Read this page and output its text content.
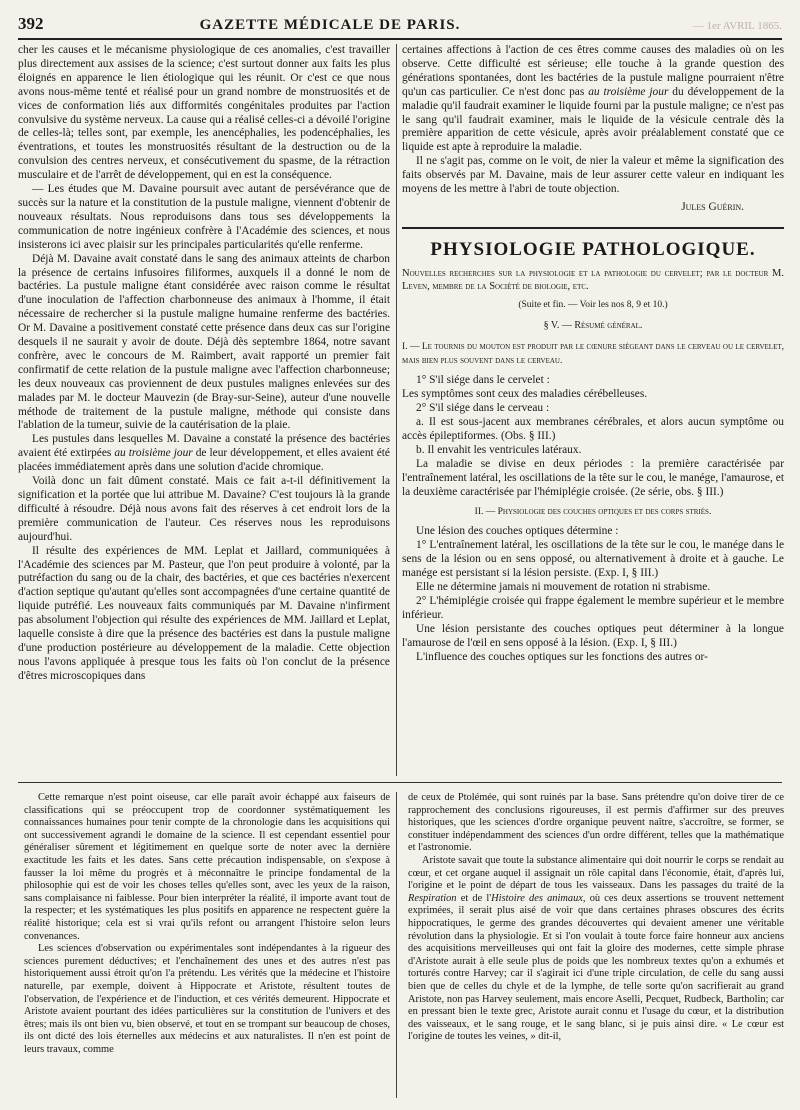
392	GAZETTE MÉDICALE DE PARIS.	— 1er AVRIL 1865.

cher les causes et le mécanisme physiologique de ces anomalies, c'est travailler plus directement aux assises de la science; c'est surtout donner aux faits les plus éloignés en apparence le lien étiologique qui les réunit. Or c'est ce que nous avons nous-même tenté et réalisé pour un grand nombre de monstruosités et de vices de conformation liés aux difformités congénitales produites par l'action convulsive du système nerveux. La cause qui a réalisé celles-ci a dévoilé l'origine de celles-là; telles sont, par exemple, les anencéphalies, les podencéphalies, les éventrations, et toutes les monstruosités résultant de la destruction ou de la convulsion des centres nerveux, et consécutivement du spasme, de la rétraction musculaire et de l'arrêt de développement, qui en est la conséquence.

— Les études que M. Davaine poursuit avec autant de persévérance que de succès sur la nature et la constitution de la pustule maligne, viennent d'obtenir de nouveaux résultats. Nous reproduisons dans tous ses développements la communication de notre ingénieux confrère à l'Académie des sciences, et nous insisterons ici avec plaisir sur les principales particularités qu'elle renferme.

Déjà M. Davaine avait constaté dans le sang des animaux atteints de charbon la présence de certains infusoires filiformes, auxquels il a donné le nom de bactéries. La pustule maligne étant considérée avec raison comme le résultat d'une inoculation de l'affection charbonneuse des animaux à l'homme, il était nécessaire de rechercher si la pustule maligne humaine renferme des bactéries. Or M. Davaine a positivement constaté cette présence dans deux cas sur l'origine desquels il ne saurait y avoir de doute. Déjà dès septembre 1864, notre savant confrère, avec le concours de M. Raimbert, avait rapporté un premier fait confirmatif de cette relation de la pustule maligne avec l'affection charbonneuse; les deux nouveaux cas proviennent de deux pustules malignes enlevées sur des malades par M. le docteur Mauvezin (de Bray-sur-Seine), auteur d'une nouvelle méthode de traitement de la pustule maligne, méthode qui consiste dans l'ablation de la tumeur, suivie de la cautérisation de la plaie.

Les pustules dans lesquelles M. Davaine a constaté la présence des bactéries avaient été extirpées au troisième jour de leur développement, et elles avaient été placées immédiatement après dans une solution d'acide chromique.

Voilà donc un fait dûment constaté. Mais ce fait a-t-il définitivement la signification et la portée que lui attribue M. Davaine? C'est toujours là la grande difficulté à résoudre. Déjà nous avons fait des réserves à cet endroit lors de la première communication de l'auteur. Ces réserves nous les reproduisons aujourd'hui.

Il résulte des expériences de MM. Leplat et Jaillard, communiquées à l'Académie des sciences par M. Pasteur, que l'on peut produire à volonté, par la putréfaction du sang ou de la chair, des bactéries, et que ces bactéries n'exercent d'action septique qu'autant qu'elles sont accompagnées d'une certaine quantité de liquide putréfié. Les nouveaux faits communiqués par M. Davaine n'infirment pas absolument l'objection qui résulte des expériences de MM. Jaillard et Leplat, laquelle consiste à dire que la présence des bactéries est dans la pustule maligne d'une production postérieure au développement de la maladie. Cette objection nous l'avons appliquée à presque tous les faits où l'on conclut de la présence d'êtres microscopiques dans

certaines affections à l'action de ces êtres comme causes des maladies où on les observe. Cette difficulté est sérieuse; elle touche à la grande question des générations spontanées, dont les bactéries de la pustule maligne pourraient n'être qu'un cas particulier. Ce n'est donc pas au troisième jour du développement de la maladie qu'il faudrait examiner le liquide fourni par la pustule maligne; ce n'est pas le sang qu'il faudrait examiner, mais le liquide de la vésicule centrale dès la première apparition de cette vésicule, après avoir préalablement constaté que ce liquide est apte à reproduire la maladie.

Il ne s'agit pas, comme on le voit, de nier la valeur et même la signification des faits observés par M. Davaine, mais de leur assurer cette valeur en indiquant les moyens de les mettre à l'abri de toute objection.

Jules Guérin.
PHYSIOLOGIE PATHOLOGIQUE.

Nouvelles recherches sur la physiologie et la pathologie du cervelet; par le docteur M. Leven, membre de la Société de biologie, etc.

(Suite et fin. — Voir les nos 8, 9 et 10.)
§ V. — Résumé général.

I. — Le tournis du mouton est produit par le cœnure siégeant dans le cerveau ou le cervelet, mais bien plus souvent dans le cerveau.

1° S'il siége dans le cervelet :

Les symptômes sont ceux des maladies cérébelleuses.

2° S'il siége dans le cerveau :

a. Il est sous-jacent aux membranes cérébrales, et alors aucun symptôme ou accès épileptiformes. (Obs. § III.)

b. Il envahit les ventricules latéraux.

La maladie se divise en deux périodes : la première caractérisée par l'entraînement latéral, les oscillations de la tête sur le cou, le manége, l'amaurose, et la deuxième caractérisée par l'hémiplégie croisée. (2e série, obs. § III.)

II. — Physiologie des couches optiques et des corps striés.

Une lésion des couches optiques détermine :

1° L'entraînement latéral, les oscillations de la tête sur le cou, le manége dans le sens de la lésion ou en sens opposé, ou alternativement à droite et à gauche. Le manége est persistant si la lésion persiste. (Exp. I, § III.)

Elle ne détermine jamais ni mouvement de rotation ni strabisme.

2° L'hémiplégie croisée qui frappe également le membre supérieur et le membre inférieur.

Une lésion persistante des couches optiques peut déterminer à la longue l'amaurose de l'œil en sens opposé à la lésion. (Exp. I, § III.)

L'influence des couches optiques sur les fonctions des autres or-

Cette remarque n'est point oiseuse, car elle paraît avoir échappé aux faiseurs de classifications qui se préoccupent trop de coordonner systématiquement les connaissances humaines pour tenir compte de la chronologie dans les acquisitions qui ont successivement agrandi le domaine de la science. Il est cependant essentiel pour généraliser sûrement et légitimement en quelque sorte de noter avec la dernière exactitude les faits et les dates. Sans cette précaution indispensable, on s'expose à fausser la loi même du progrès et à méconnaître le principe fondamental de la philosophie qui est de voir les choses telles qu'elles sont, avec les yeux de la raison, sans complaisance ni faiblesse. Pour bien interpréter la réalité, il importe avant tout de la respecter; et les systématiques les plus positifs en apparence ne respectent guère la réalité historique; cela est si vrai qu'ils refont ou arrangent l'histoire selon leurs convenances.

Les sciences d'observation ou expérimentales sont indépendantes à la rigueur des sciences purement déductives; et l'enchaînement des unes et des autres n'est pas historiquement aussi étroit qu'on l'a prétendu. Les vérités que la médecine et l'histoire naturelle, par exemple, doivent à Hippocrate et Aristote, résultent toutes de l'observation, de l'expérience et de l'induction, et ces vérités demeurent. Hippocrate et Aristote avaient pourtant des idées particulières sur la constitution de l'univers et des êtres; mais ils ont bien vu, bien observé, et tout en se trompant sur beaucoup de choses, ils ont dicté des lois éternelles aux médecins et aux naturalistes. Il n'en est point de leurs travaux, comme

de ceux de Ptolémée, qui sont ruinés par la base. Sans prétendre qu'on doive tirer de ce rapprochement des conclusions rigoureuses, il est permis d'affirmer sur des preuves historiques, que les sciences d'ordre organique peuvent naître, s'accroître, se former, se constituer indépendamment des sciences d'un ordre différent, telles que la mathématique et l'astronomie.

Aristote savait que toute la substance alimentaire qui doit nourrir le corps se rendait au cœur, et cet organe auquel il assignait un rôle capital dans l'économie, était, d'après lui, l'origine et le point de départ de tous les vaisseaux. Dans les passages du traité de la Respiration et de l'Histoire des animaux, où ces deux assertions se trouvent nettement exprimées, il serait plus aisé de voir que dans certaines phrases obscures des écrits hippocratiques, le germe des grandes découvertes qui devaient amener une véritable révolution dans la physiologie. Et si l'on voulait à toute force faire honneur aux anciens des acquisitions merveilleuses qui ont fait la gloire des modernes, cette simple phrase d'Aristote aurait à elle seule plus de poids que les nombreux textes qu'on a exhumés et torturés contre Harvey; car il s'agirait ici d'une triple circulation, de celle du sang aussi bien que de celles du chyle et de la lymphe, de telle sorte qu'on sacrifierait au grand Aristote, non pas Harvey seulement, mais encore Aselli, Pecquet, Rudbeck, Bartholin; car en pressant bien le texte grec, Aristote aurait connu et l'usage du cœur, et la distribution des vaisseaux, et le sang rouge, et le sang blanc, si je puis ainsi dire. « Le cœur est l'origine de toutes les veines, » dit-il,
